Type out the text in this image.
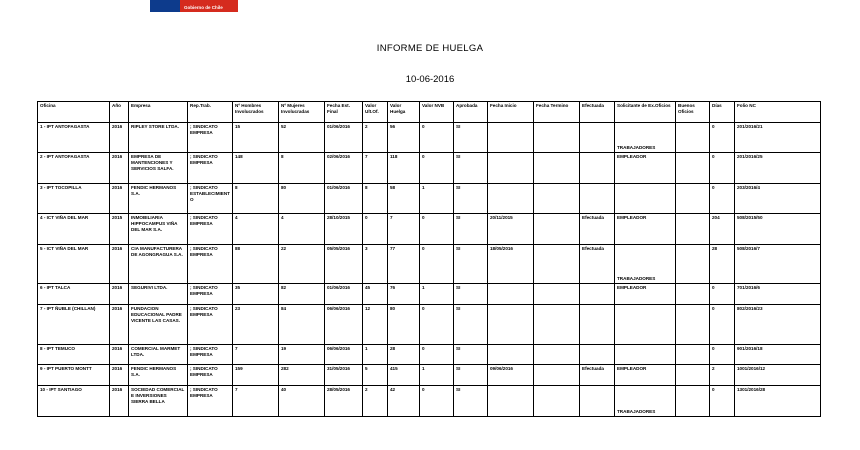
Gobierno de Chile
INFORME DE HUELGA
10-06-2016
Oficina	Año	Empresa	Rep.Trab.	Nº Hombres Involucrados	Nº Mujeres Involucradas	Fecha Est. Final	Valor Ult.Of.	Valor Huelga	Valor NVB	Aprobada	Fecha Inicio	Fecha Termino	Efectuada	Solicitante de Ex.Oficios	Buenos Oficios	Días	Folio NC
1 - IPT ANTOFAGASTA	2016	RIPLEY STORE LTDA.	; SINDICATO EMPRESA	15	52	01/06/2016	2	56	0	SI				TRABAJADORES		0	201/2016/21
2 - IPT ANTOFAGASTA	2016	EMPRESA DE MANTENCIONES Y SERVICIOS SALFA.	; SINDICATO EMPRESA	148	8	02/06/2016	7	118	0	SI				EMPLEADOR		0	201/2016/25
3 - IPT TOCOPILLA	2016	FENDIC HERMANOS S.A.	; SINDICATO ESTABLECIMIENTO	8	80	01/06/2016	8	58	1	SI						0	203/2016/4
4 - ICT VIÑA DEL MAR	2015	INMOBILIARIA HIPPOCAMPUS VIÑA DEL MAR S.A.	; SINDICATO EMPRESA	4	4	28/10/2015	0	7	0	SI	20/11/2015		Efectuada	EMPLEADOR		204	508/2015/50
5 - ICT VIÑA DEL MAR	2016	CIA MANUFACTURERA DE AGONGRAGUA S.A.	; SINDICATO EMPRESA	88	22	05/05/2016	3	77	0	SI	18/05/2016		Efectuada	TRABAJADORES		28	508/2016/7
6 - IPT TALCA	2016	SEGURIVI LTDA.	; SINDICATO EMPRESA	35	82	01/06/2016	45	76	1	SI				EMPLEADOR		0	701/2016/6
7 - IPT ÑUBLE (CHILLAN)	2016	FUNDACION EDUCACIONAL PADRE VICENTE LAS CASAS.	; SINDICATO EMPRESA	23	84	06/06/2016	12	80	0	SI						0	802/2016/23
8 - IPT TEMUCO	2016	COMERCIAL MARMET LTDA.	; SINDICATO EMPRESA	7	19	06/06/2016	1	28	0	SI						0	901/2016/18
9 - IPT PUERTO MONTT	2016	FENDIC HERMANOS S.A.	; SINDICATO EMPRESA	159	282	31/05/2016	5	415	1	SI	09/06/2016		Efectuada	EMPLEADOR		2	1001/2016/12
10 - IPT SANTIAGO	2016	SOCIEDAD COMERCIAL E INVERSIONES SIERRA BELLA	; SINDICATO EMPRESA	7	40	28/05/2016	2	42	0	SI				TRABAJADORES		0	1301/2016/28
